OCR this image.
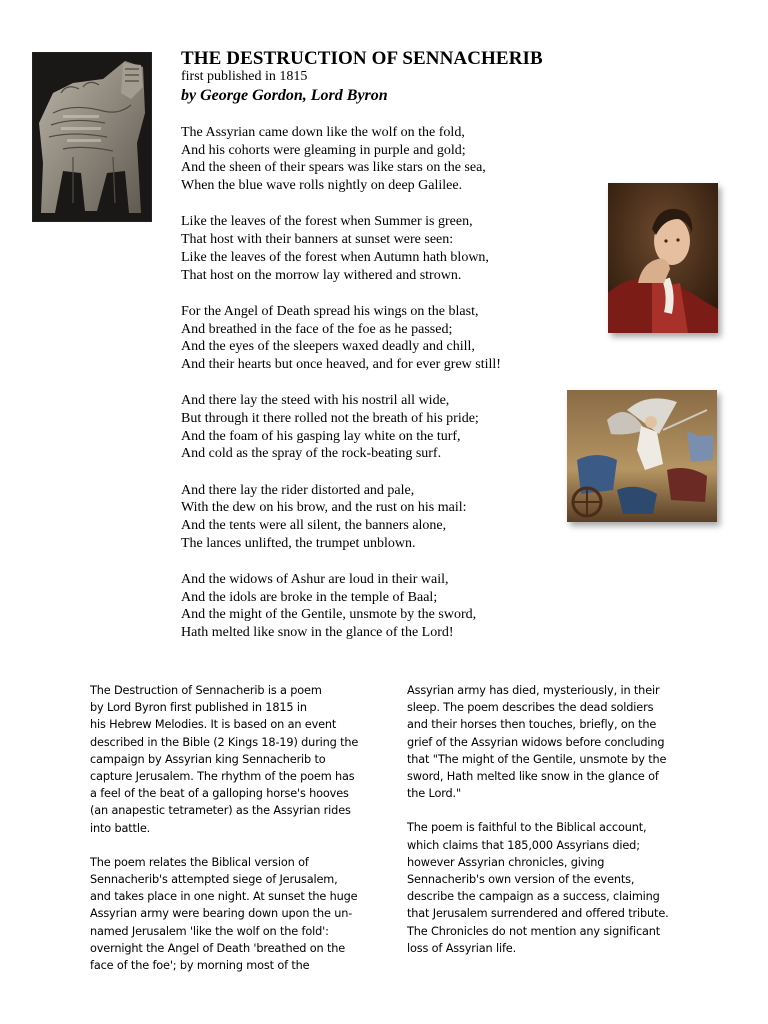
THE DESTRUCTION OF SENNACHERIB
first published in 1815
by George Gordon, Lord Byron
The Assyrian came down like the wolf on the fold,
And his cohorts were gleaming in purple and gold;
And the sheen of their spears was like stars on the sea,
When the blue wave rolls nightly on deep Galilee.
Like the leaves of the forest when Summer is green,
That host with their banners at sunset were seen:
Like the leaves of the forest when Autumn hath blown,
That host on the morrow lay withered and strown.
For the Angel of Death spread his wings on the blast,
And breathed in the face of the foe as he passed;
And the eyes of the sleepers waxed deadly and chill,
And their hearts but once heaved, and for ever grew still!
And there lay the steed with his nostril all wide,
But through it there rolled not the breath of his pride;
And the foam of his gasping lay white on the turf,
And cold as the spray of the rock-beating surf.
And there lay the rider distorted and pale,
With the dew on his brow, and the rust on his mail:
And the tents were all silent, the banners alone,
The lances unlifted, the trumpet unblown.
And the widows of Ashur are loud in their wail,
And the idols are broke in the temple of Baal;
And the might of the Gentile, unsmote by the sword,
Hath melted like snow in the glance of the Lord!
The Destruction of Sennacherib is a poem
by Lord Byron first published in 1815 in
his Hebrew Melodies. It is based on an event
described in the Bible (2 Kings 18-19) during the
campaign by Assyrian king Sennacherib to
capture Jerusalem. The rhythm of the poem has
a feel of the beat of a galloping horse's hooves
(an anapestic tetrameter) as the Assyrian rides
into battle.
The poem relates the Biblical version of
Sennacherib's attempted siege of Jerusalem,
and takes place in one night. At sunset the huge
Assyrian army were bearing down upon the un-
named Jerusalem 'like the wolf on the fold':
overnight the Angel of Death 'breathed on the
face of the foe'; by morning most of the
Assyrian army has died, mysteriously, in their
sleep. The poem describes the dead soldiers
and their horses then touches, briefly, on the
grief of the Assyrian widows before concluding
that "The might of the Gentile, unsmote by the
sword, Hath melted like snow in the glance of
the Lord."
The poem is faithful to the Biblical account,
which claims that 185,000 Assyrians died;
however Assyrian chronicles, giving
Sennacherib's own version of the events,
describe the campaign as a success, claiming
that Jerusalem surrendered and offered tribute.
The Chronicles do not mention any significant
loss of Assyrian life.
